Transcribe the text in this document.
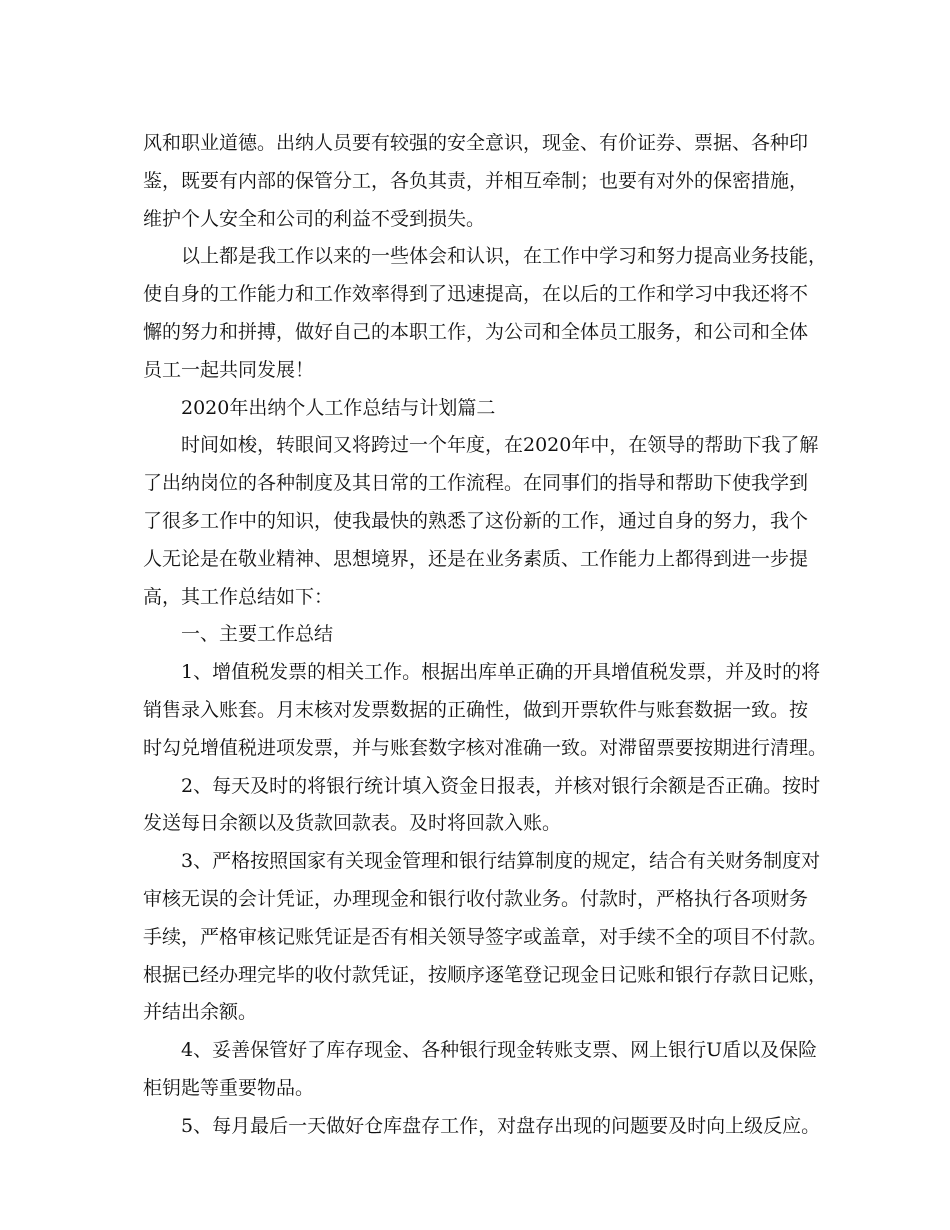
风和职业道德。出纳人员要有较强的安全意识，现金、有价证券、票据、各种印
鉴，既要有内部的保管分工，各负其责，并相互牵制；也要有对外的保密措施，
维护个人安全和公司的利益不受到损失。
以上都是我工作以来的一些体会和认识，在工作中学习和努力提高业务技能，
使自身的工作能力和工作效率得到了迅速提高，在以后的工作和学习中我还将不
懈的努力和拼搏，做好自己的本职工作，为公司和全体员工服务，和公司和全体
员工一起共同发展！
2020年出纳个人工作总结与计划篇二
时间如梭，转眼间又将跨过一个年度，在2020年中，在领导的帮助下我了解
了出纳岗位的各种制度及其日常的工作流程。在同事们的指导和帮助下使我学到
了很多工作中的知识，使我最快的熟悉了这份新的工作，通过自身的努力，我个
人无论是在敬业精神、思想境界，还是在业务素质、工作能力上都得到进一步提
高，其工作总结如下：
一、主要工作总结
1、增值税发票的相关工作。根据出库单正确的开具增值税发票，并及时的将
销售录入账套。月末核对发票数据的正确性，做到开票软件与账套数据一致。按
时勾兑增值税进项发票，并与账套数字核对准确一致。对滞留票要按期进行清理。
2、每天及时的将银行统计填入资金日报表，并核对银行余额是否正确。按时
发送每日余额以及货款回款表。及时将回款入账。
3、严格按照国家有关现金管理和银行结算制度的规定，结合有关财务制度对
审核无误的会计凭证，办理现金和银行收付款业务。付款时，严格执行各项财务
手续，严格审核记账凭证是否有相关领导签字或盖章，对手续不全的项目不付款。
根据已经办理完毕的收付款凭证，按顺序逐笔登记现金日记账和银行存款日记账，
并结出余额。
4、妥善保管好了库存现金、各种银行现金转账支票、网上银行U盾以及保险
柜钥匙等重要物品。
5、每月最后一天做好仓库盘存工作，对盘存出现的问题要及时向上级反应。
